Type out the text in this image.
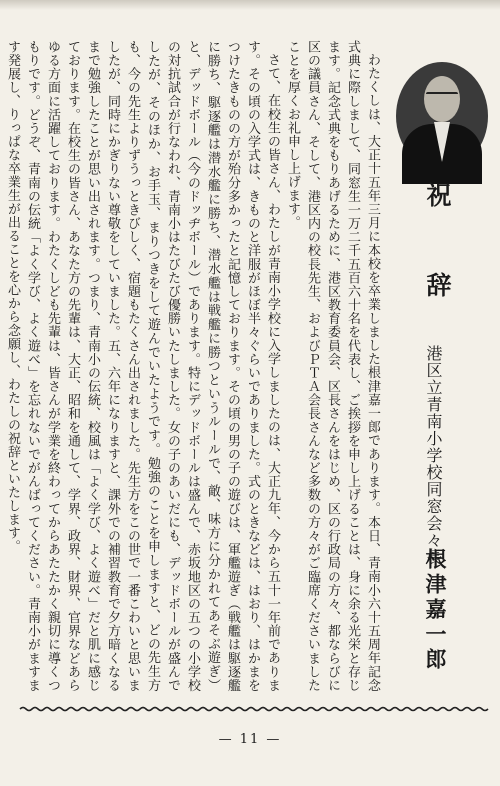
祝
辞
港区立青南小学校同窓会々長
根津嘉一郎

わたくしは、大正十五年三月に本校を卒業しました根津嘉一郎であります。本日、青南小六十五周年記念式典に際しまして、同窓生一万二千五百六十名を代表し、ご挨拶を申し上げることは、身に余る光栄と存じます。記念式典をもりあげるために、港区教育委員会、区長さんをはじめ、区の行政局の方々、都ならびに区の議員さん、そして、港区内の校長先生、およびＰＴＡ会長さんなど多数の方々がご臨席くださいましたことを厚くお礼申し上げます。

さて、在校生の皆さん、わたしが青南小学校に入学しましたのは、大正九年、今から五十一年前であります。その頃の入学式は、きものと洋服がほぼ半々ぐらいでありました。式のときなどは、はおり、はかまをつけたきものの方が殆分多かったと記憶しております。その頃の男の子の遊びは、軍艦遊ぎ（戦艦は駆逐艦に勝ち、駆逐艦は潜水艦に勝ち、潜水艦は戦艦に勝つというルールで、敵、味方に分かれてあそぶ遊ぎ）と、デッドボール（今のドッヂボール）であります。特にデッドボールは盛んで、赤坂地区の五つの小学校の対抗試合が行なわれ、青南小はたびたび優勝いたしました。女の子のあいだにも、デッドボールが盛んでしたが、そのほか、お手玉、まりつきをして遊んでいたようです。勉強のことを申しますと、どの先生方も、今の先生よりずうっときびしく、宿題もたくさん出されました。先生方をこの世で一番こわいと思いましたが、同時にかぎりない尊敬をしていました。五、六年になりますと、課外での補習教育で夕方暗くなるまで勉強したことが思い出されます。つまり、青南小の伝統、校風は「よく学び、よく遊べ」だと肌に感じております。在校生の皆さん、あなた方の先輩は、大正、昭和を通して、学界、政界、財界、官界などあらゆる方面に活躍しております。わたくしども先輩は、皆さんが学業を終わってからあたたかく親切に導くつもりです。どうぞ、青南の伝統「よく学び、よく遊べ」を忘れないでがんばってください。青南小がますます発展し、りっぱな卒業生が出ることを心から念願し、わたしの祝辞といたします。

— 11 —
